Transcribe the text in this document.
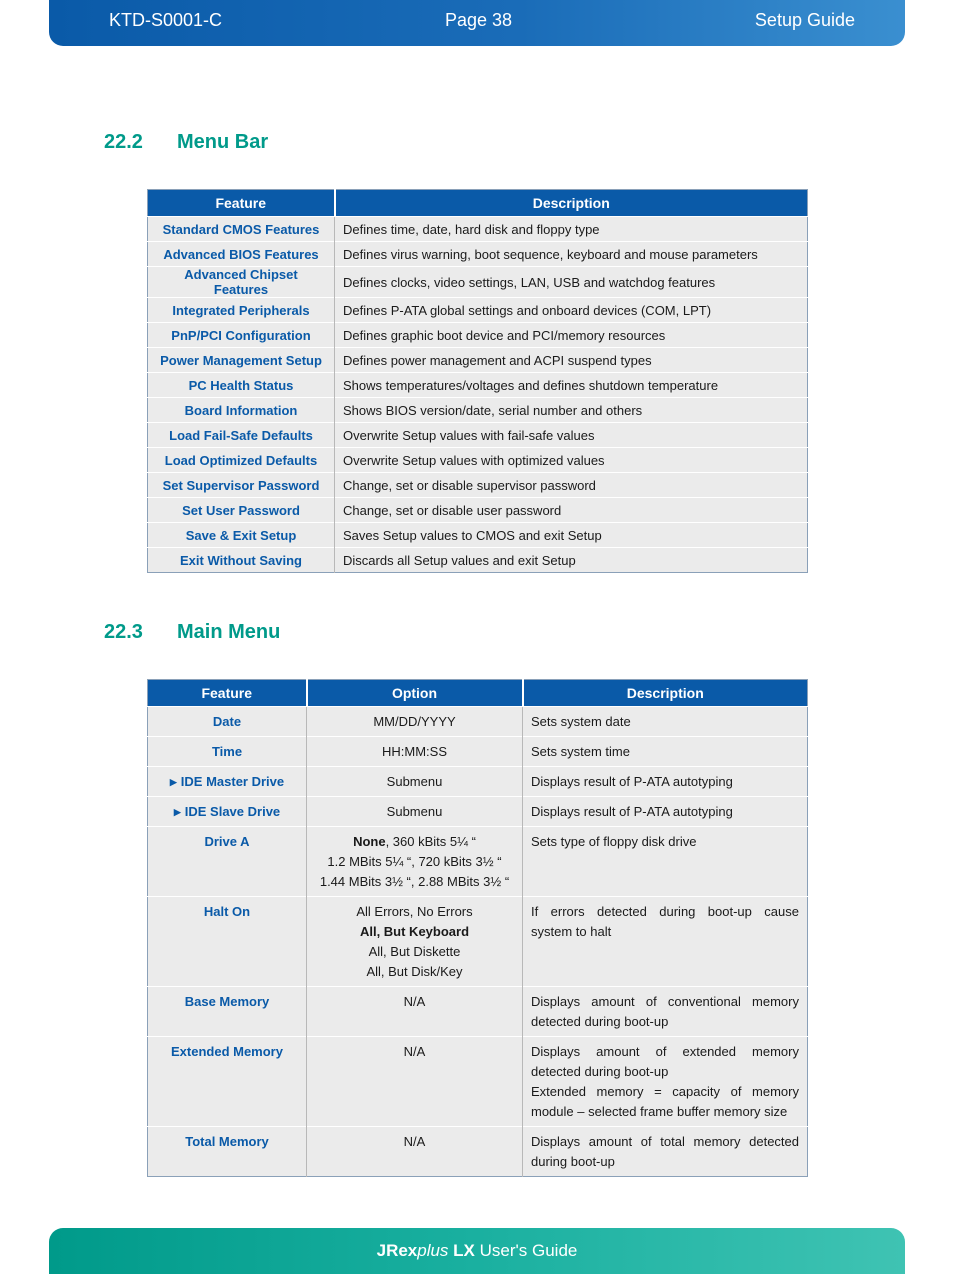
KTD-S0001-C	Page 38	Setup Guide
22.2 Menu Bar
Feature	Description
Standard CMOS Features	Defines time, date, hard disk and floppy type
Advanced BIOS Features	Defines virus warning, boot sequence, keyboard and mouse parameters
Advanced Chipset Features	Defines clocks, video settings, LAN, USB and watchdog features
Integrated Peripherals	Defines P-ATA global settings and onboard devices (COM, LPT)
PnP/PCI Configuration	Defines graphic boot device and PCI/memory resources
Power Management Setup	Defines power management and ACPI suspend types
PC Health Status	Shows temperatures/voltages and defines shutdown temperature
Board Information	Shows BIOS version/date, serial number and others
Load Fail-Safe Defaults	Overwrite Setup values with fail-safe values
Load Optimized Defaults	Overwrite Setup values with optimized values
Set Supervisor Password	Change, set or disable supervisor password
Set User Password	Change, set or disable user password
Save & Exit Setup	Saves Setup values to CMOS and exit Setup
Exit Without Saving	Discards all Setup values and exit Setup
22.3 Main Menu
Feature	Option	Description
Date	MM/DD/YYYY	Sets system date

Time	HH:MM:SS	Sets system time

▶ IDE Master Drive	Submenu	Displays result of P-ATA autotyping

▶ IDE Slave Drive	Submenu	Displays result of P-ATA autotyping

Drive A	None, 360 kBits 5¼ “
1.2 MBits 5¼ “, 720 kBits 3½ “
1.44 MBits 3½ “, 2.88 MBits 3½ “	Sets type of floppy disk drive

Halt On	All Errors, No Errors
All, But Keyboard
All, But Diskette
All, But Disk/Key	If errors detected during boot-up cause system to halt

Base Memory	N/A	Displays amount of conventional memory detected during boot-up

Extended Memory	N/A	Displays amount of extended memory detected during boot-up
Extended memory = capacity of memory module – selected frame buffer memory size

Total Memory	N/A	Displays amount of total memory detected during boot-up
JRexplus LX User's Guide
